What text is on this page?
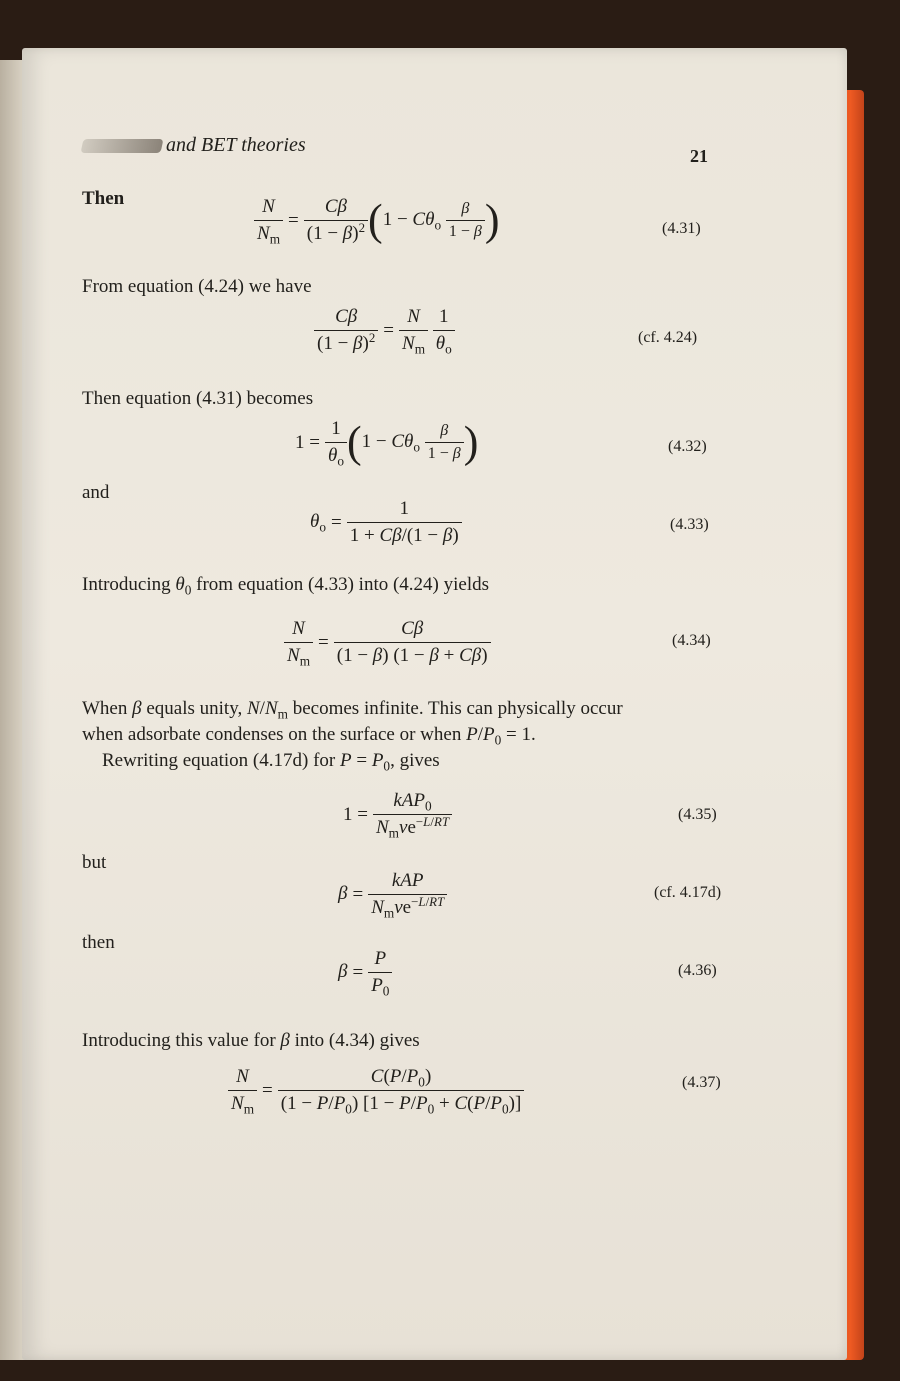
and BET theories	21
Then	$\frac{N}{N_m} = \frac{C\beta}{(1 - \beta)^2} (1 - C\theta_o \frac{\beta}{1 - \beta}$ )	(4.31)
From equation (4.24) we have
$\frac{C\beta}{(1 - \beta)^2} = \frac{N}{N_m}$
$\frac{1}{\theta_o}$	(cf. 4.24)
Then equation (4.31) becomes
$1 = \frac{1}{\theta_o} (1 - C\theta_o \frac{\beta}{1 - \beta}$ )	(4.32)
and
$\theta_o = \frac{1}{1 + C\beta/(1 - \beta)}$	(4.33)
Introducing $\theta_0$ from equation (4.33) into (4.24) yields
$\frac{N}{N_m} = \frac{C\beta}{(1 - \beta) (1 - \beta + C\beta)}$	(4.34)
When β equals unity, $N/N_m$ becomes infinite. This can physically occur
when adsorbate condenses on the surface or when $P/P_0 = 1$.
Rewriting equation (4.17d) for $P = P_0$, gives
$1 = \frac{kAP_0}{N_m\nu e^{-L/RT}}$	(4.35)
but
$\beta = \frac{\text{kAP}}{N_m\nu e^{-L/RT}}$	(cf. 4.17d)
then
$\beta = \frac{P}{P_0}$	(4.36)
Introducing this value for β into (4.34) gives
$\frac{N}{N_m} = \frac{C(P/P_0)}{(1 - P/P_0) [1 - P/P_0 + C(P/P_0)]}$	(4.37)
